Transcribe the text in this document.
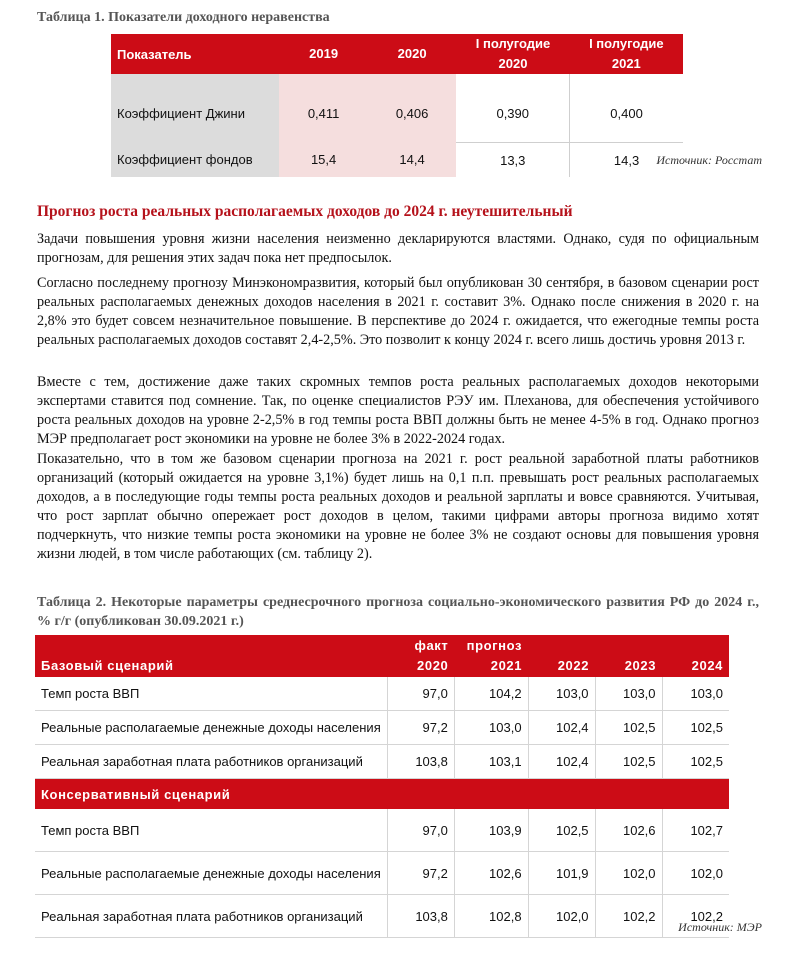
Таблица 1. Показатели доходного неравенства
Показатель	2019	2020	I полугодие 2020	I полугодие 2021
Коэффициент Джини	0,411	0,406	0,390	0,400
Коэффициент фондов	15,4	14,4	13,3	14,3 Источник: Росстат
Прогноз роста реальных располагаемых доходов до 2024 г. неутешительный

Задачи повышения уровня жизни населения неизменно декларируются властями. Однако, судя по официальным прогнозам, для решения этих задач пока нет предпосылок.

Согласно последнему прогнозу Минэкономразвития, который был опубликован 30 сентября, в базовом сценарии рост реальных располагаемых денежных доходов населения в 2021 г. составит 3%. Однако после снижения в 2020 г. на 2,8% это будет совсем незначительное повышение. В перспективе до 2024 г. ожидается, что ежегодные темпы роста реальных располагаемых доходов составят 2,4-2,5%. Это позволит к концу 2024 г. всего лишь достичь уровня 2013 г.

Вместе с тем, достижение даже таких скромных темпов роста реальных располагаемых доходов некоторыми экспертами ставится под сомнение. Так, по оценке специалистов РЭУ им. Плеханова, для обеспечения устойчивого роста реальных доходов на уровне 2-2,5% в год темпы роста ВВП должны быть не менее 4-5% в год. Однако прогноз МЭР предполагает рост экономики на уровне не более 3% в 2022-2024 годах.

Показательно, что в том же базовом сценарии прогноза на 2021 г. рост реальной заработной платы работников организаций (который ожидается на уровне 3,1%) будет лишь на 0,1 п.п. превышать рост реальных располагаемых доходов, а в последующие годы темпы роста реальных доходов и реальной зарплаты и вовсе сравняются. Учитывая, что рост зарплат обычно опережает рост доходов в целом, такими цифрами авторы прогноза видимо хотят подчеркнуть, что низкие темпы роста экономики на уровне не более 3% не создают основы для повышения уровня жизни людей, в том числе работающих (см. таблицу 2).

Таблица 2. Некоторые параметры среднесрочного прогноза социально-экономического развития РФ до 2024 г., % г/г (опубликован 30.09.2021 г.)
	факт	прогноз			
Базовый сценарий	2020	2021	2022	2023	2024
Темп роста ВВП	97,0	104,2	103,0	103,0	103,0
Реальные располагаемые денежные доходы населения	97,2	103,0	102,4	102,5	102,5
Реальная заработная плата работников организаций	103,8	103,1	102,4	102,5	102,5
Консервативный сценарий					
Темп роста ВВП	97,0	103,9	102,5	102,6	102,7
Реальные располагаемые денежные доходы населения	97,2	102,6	101,9	102,0	102,0
Реальная заработная плата работников организаций	103,8	102,8	102,0	102,2	102,2
Источник: МЭР
